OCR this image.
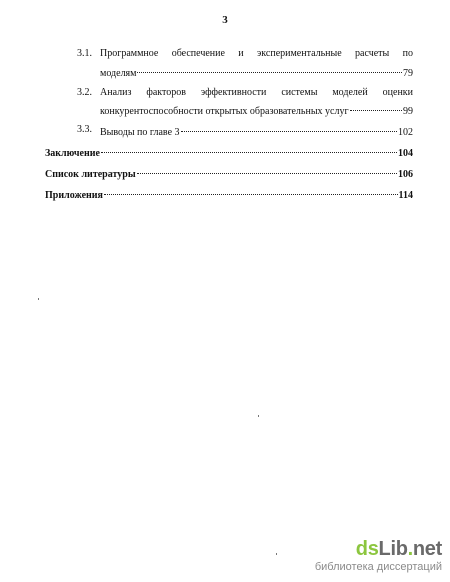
3
3.1. Программное обеспечение и экспериментальные расчеты по
моделям	79
3.2. Анализ факторов эффективности системы моделей оценки
конкурентоспособности открытых образовательных услуг	99
3.3. Выводы по главе 3	102
Заключение	104
Список литературы	106
Приложения	114
dsLib.net
библиотека диссертаций
